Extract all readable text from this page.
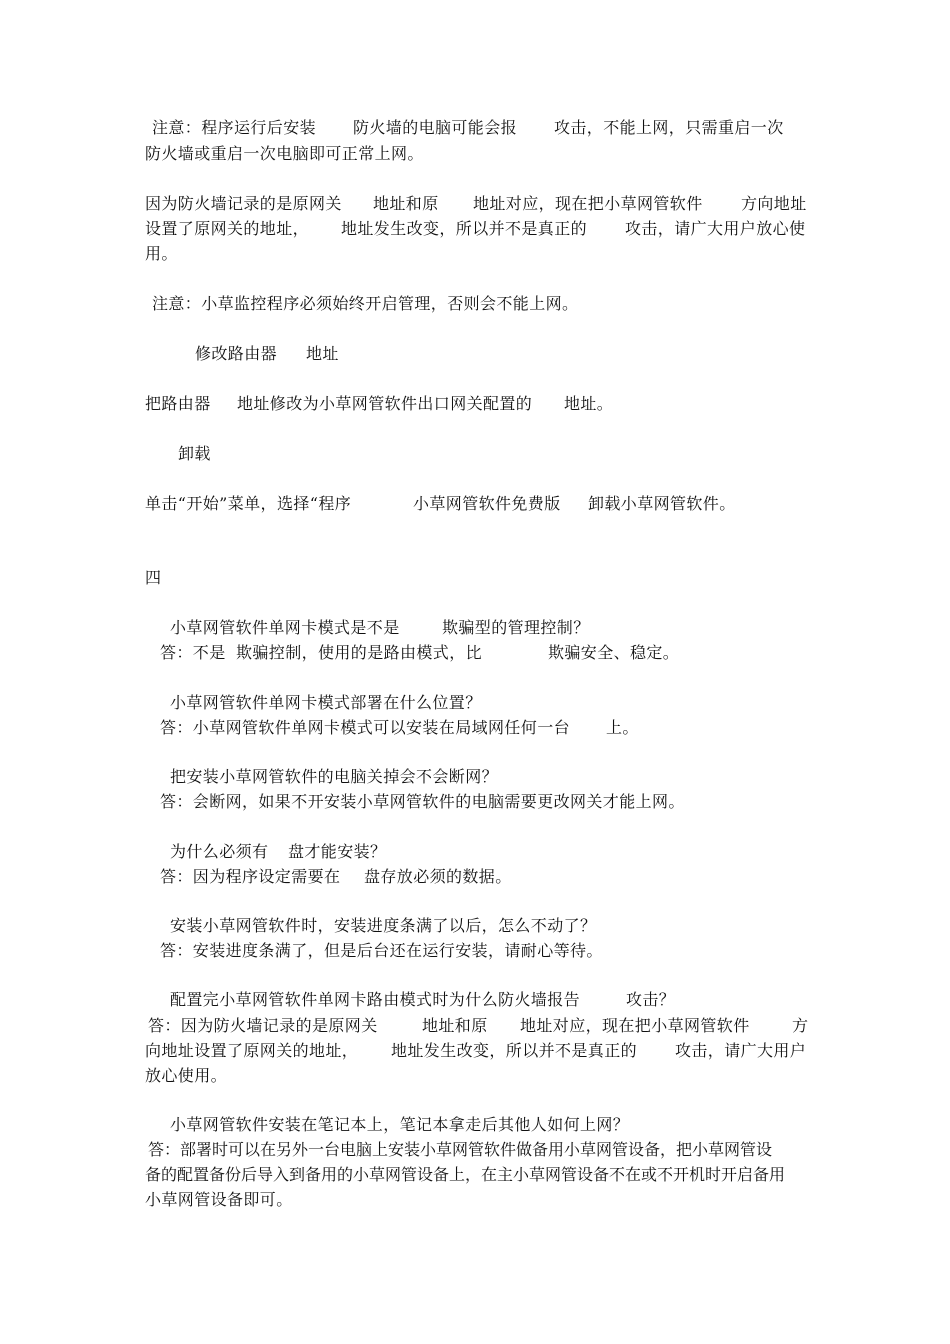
注意：程序运行后安装 防火墙的电脑可能会报 攻击，不能上网，只需重启一次
防火墙或重启一次电脑即可正常上网。
因为防火墙记录的是原网关 地址和原 地址对应，现在把小草网管软件 方向地址
设置了原网关的地址， 地址发生改变，所以并不是真正的 攻击，请广大用户放心使
用。
注意：小草监控程序必须始终开启管理，否则会不能上网。
修改路由器 地址
把路由器 地址修改为小草网管软件出口网关配置的 地址。
卸载
单击“开始”菜单，选择“程序	小草网管软件免费版 卸载小草网管软件。
四
小草网管软件单网卡模式是不是	欺骗型的管理控制？
答：不是 欺骗控制，使用的是路由模式，比	欺骗安全、稳定。
小草网管软件单网卡模式部署在什么位置？
答：小草网管软件单网卡模式可以安装在局域网任何一台 上。
把安装小草网管软件的电脑关掉会不会断网？
答：会断网，如果不开安装小草网管软件的电脑需要更改网关才能上网。
为什么必须有 盘才能安装？
答：因为程序设定需要在 盘存放必须的数据。
安装小草网管软件时，安装进度条满了以后，怎么不动了？
答：安装进度条满了，但是后台还在运行安装，请耐心等待。
配置完小草网管软件单网卡路由模式时为什么防火墙报告	攻击？
答：因为防火墙记录的是原网关	地址和原 地址对应，现在把小草网管软件	方
向地址设置了原网关的地址， 地址发生改变，所以并不是真正的 攻击，请广大用户
放心使用。
小草网管软件安装在笔记本上，笔记本拿走后其他人如何上网？
答：部署时可以在另外一台电脑上安装小草网管软件做备用小草网管设备，把小草网管设
备的配置备份后导入到备用的小草网管设备上，在主小草网管设备不在或不开机时开启备用
小草网管设备即可。
